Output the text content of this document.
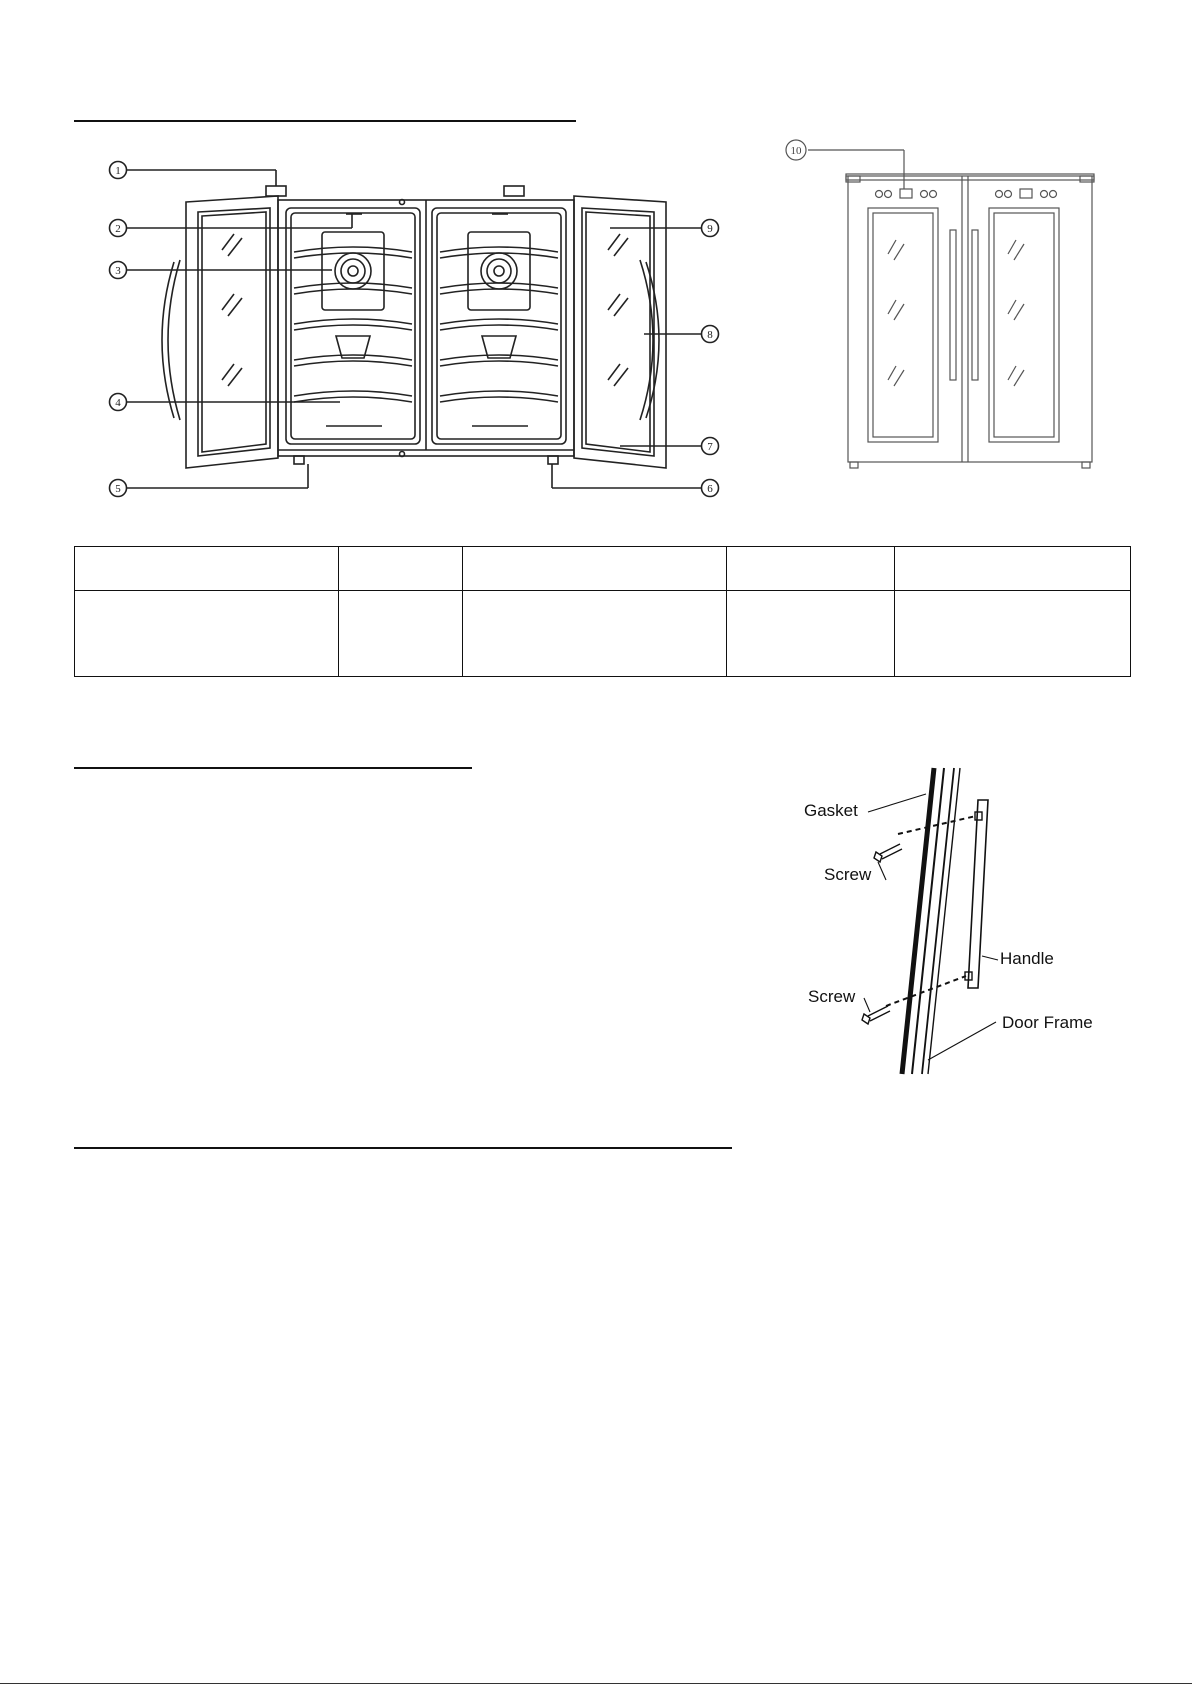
1
2
3
4
5	6
7
8
9
10

Gasket
Screw
Handle
Screw
Door Frame
